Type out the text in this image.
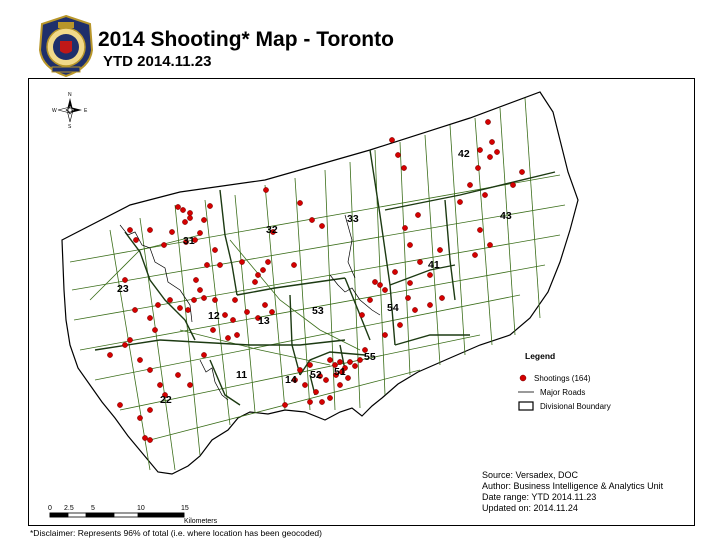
2014 Shooting* Map - Toronto
YTD 2014.11.23
42
43
33
32
31
41
23
53	54
12	13
55
11	14 52 51
22
N
S
E
W
Legend
Shootings (164)
Major Roads
Divisional Boundary
Source: Versadex, DOC
Author: Business Intelligence & Analytics Unit
Date range: YTD 2014.11.23
Updated on: 2014.11.24
0 2.5 5	10	15
Kilometers
*Disclaimer: Represents 96% of total (i.e. where location has been geocoded)
